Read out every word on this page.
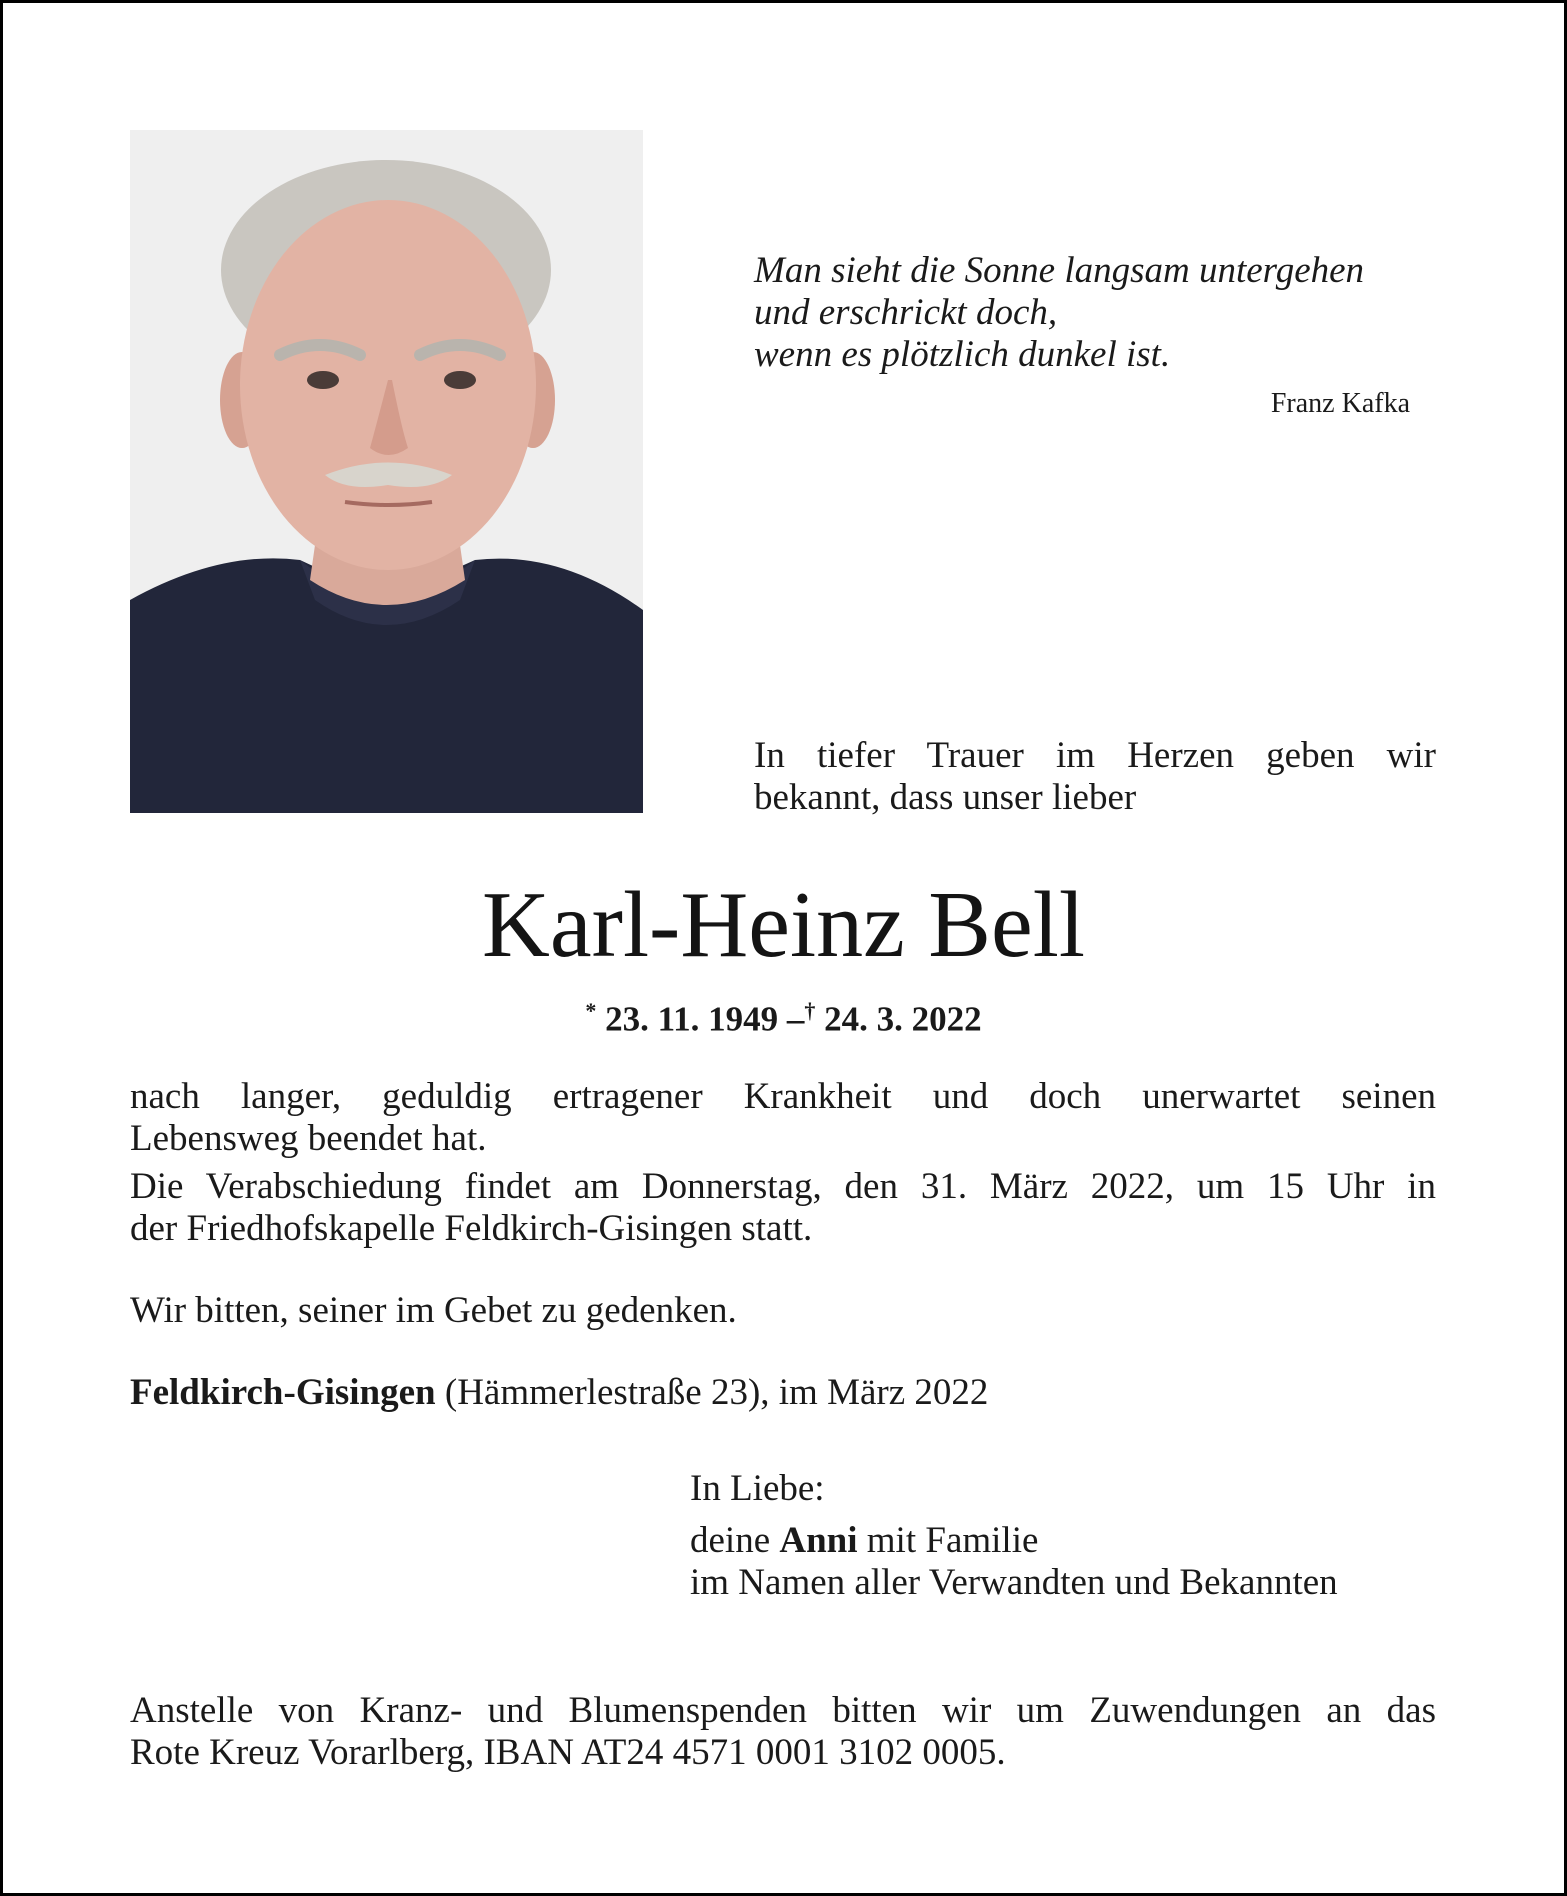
Man sieht die Sonne langsam untergehen
und erschrickt doch,
wenn es plötzlich dunkel ist.
Franz Kafka
In tiefer Trauer im Herzen geben wir
bekannt, dass unser lieber
Karl-Heinz Bell
* 23. 11. 1949 –† 24. 3. 2022
nach langer, geduldig ertragener Krankheit und doch unerwartet seinen
Lebensweg beendet hat.
Die Verabschiedung findet am Donnerstag, den 31. März 2022, um 15 Uhr in
der Friedhofskapelle Feldkirch-Gisingen statt.
Wir bitten, seiner im Gebet zu gedenken.
Feldkirch-Gisingen (Hämmerlestraße 23), im März 2022
In Liebe:
deine Anni mit Familie
im Namen aller Verwandten und Bekannten
Anstelle von Kranz- und Blumenspenden bitten wir um Zuwendungen an das
Rote Kreuz Vorarlberg, IBAN AT24 4571 0001 3102 0005.
